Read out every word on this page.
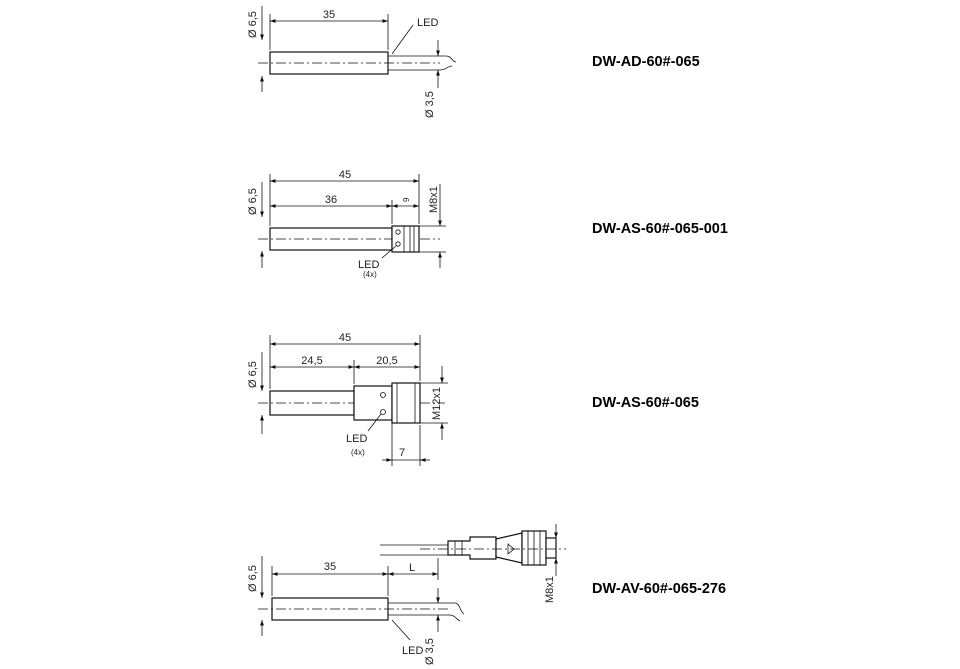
Ø 6,5	35
LED
Ø 3,5
DW-AD-60#-065
Ø 6,5
45
36	9 M8x1
LED
(4x)
DW-AS-60#-065-001
Ø 6,5
45
24,5	20,5
M12x1
7
LED
(4x)
DW-AS-60#-065
Ø 6,5	M8x1
35	L
LED Ø 3,5
DW-AV-60#-065-276
